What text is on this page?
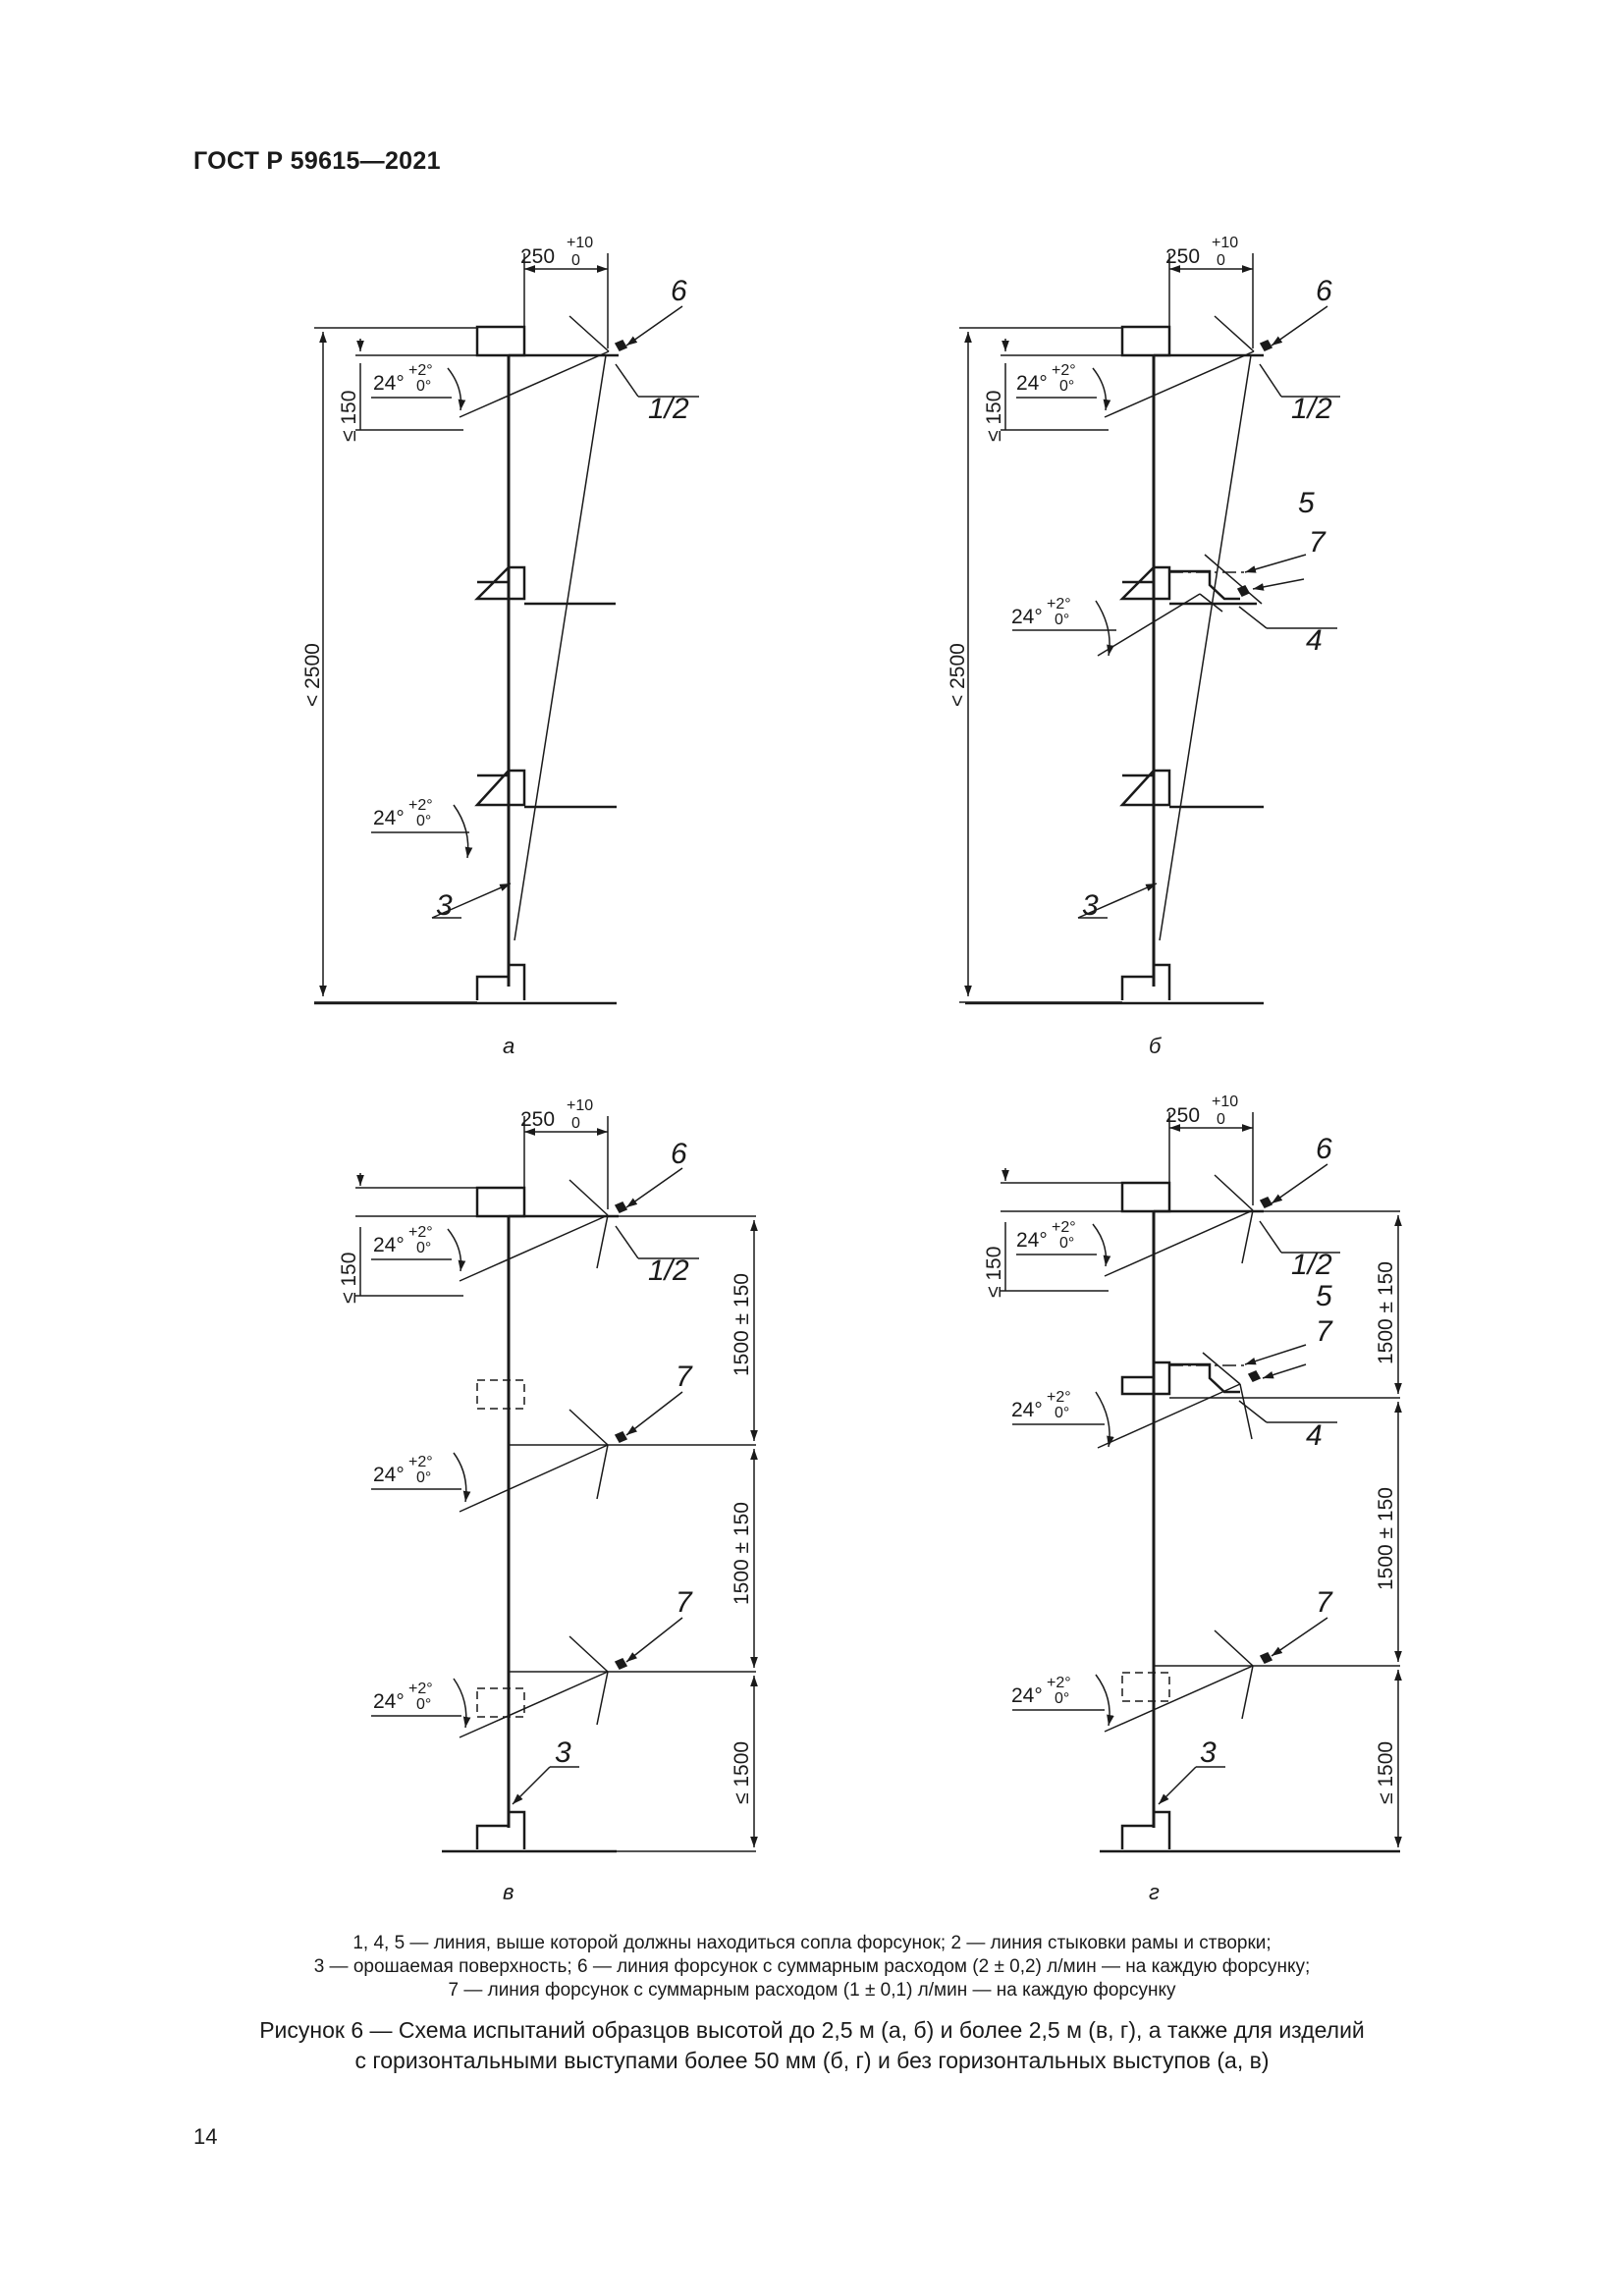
ГОСТ Р 59615—2021
250
+10
0
6
1/2
24°
+2°
0°
24°
+2°
0°
3
< 2500
≤ 150
а
250
+10
0
6
1/2
5
7
4
24°
+2°
0°
24°
+2°
0°
3
< 2500
≤ 150
б
250
+10
0
6
1/2
7
7
24°
+2°
0°
24°
+2°
0°
24°
+2°
0°
3
≤ 150	1500 ± 150
1500 ± 150
≤ 1500
в
250
+10
0
6
1/2
5
7
4
7
24°
+2°
0°
24°
+2°
0°
24°
+2°
0°
3
≤ 150	1500 ± 150
1500 ± 150
≤ 1500
г
1, 4, 5 — линия, выше которой должны находиться сопла форсунок; 2 — линия стыковки рамы и створки;
3 — орошаемая поверхность; 6 — линия форсунок с суммарным расходом (2 ± 0,2) л/мин — на каждую форсунку;
7 — линия форсунок с суммарным расходом (1 ± 0,1) л/мин — на каждую форсунку
Рисунок 6 — Схема испытаний образцов высотой до 2,5 м (а, б) и более 2,5 м (в, г), а также для изделий
с горизонтальными выступами более 50 мм (б, г) и без горизонтальных выступов (а, в)
14
